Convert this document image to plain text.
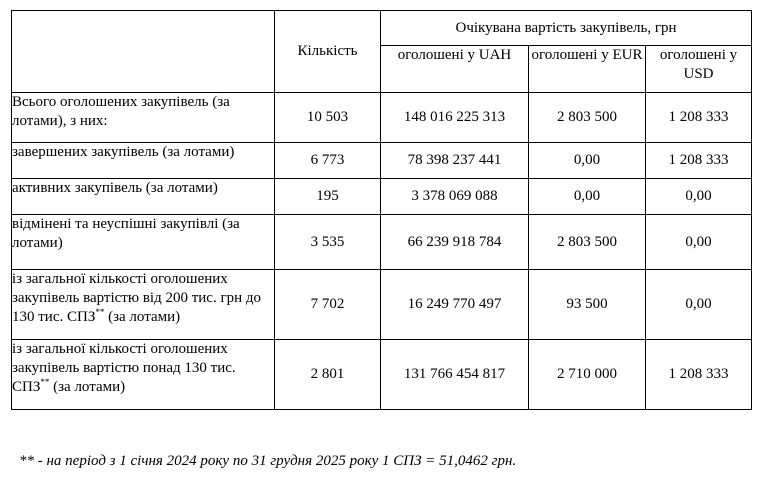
	Кількість	Очікувана вартість закупівель, грн		
		оголошені у UAH	оголошені у EUR	оголошені у USD
Всього оголошених закупівель (за лотами), з них:	10 503	148 016 225 313	2 803 500	1 208 333
завершених закупівель (за лотами)	6 773	78 398 237 441	0,00	1 208 333
активних закупівель (за лотами)	195	3 378 069 088	0,00	0,00
відмінені та неуспішні закупівлі (за лотами)	3 535	66 239 918 784	2 803 500	0,00
із загальної кількості оголошених закупівель вартістю від 200 тис. грн до 130 тис. СПЗ** (за лотами)	7 702	16 249 770 497	93 500	0,00
із загальної кількості оголошених закупівель вартістю понад 130 тис. СПЗ** (за лотами)	2 801	131 766 454 817	2 710 000	1 208 333
** - на період з 1 січня 2024 року по 31 грудня 2025 року 1 СПЗ = 51,0462 грн.
